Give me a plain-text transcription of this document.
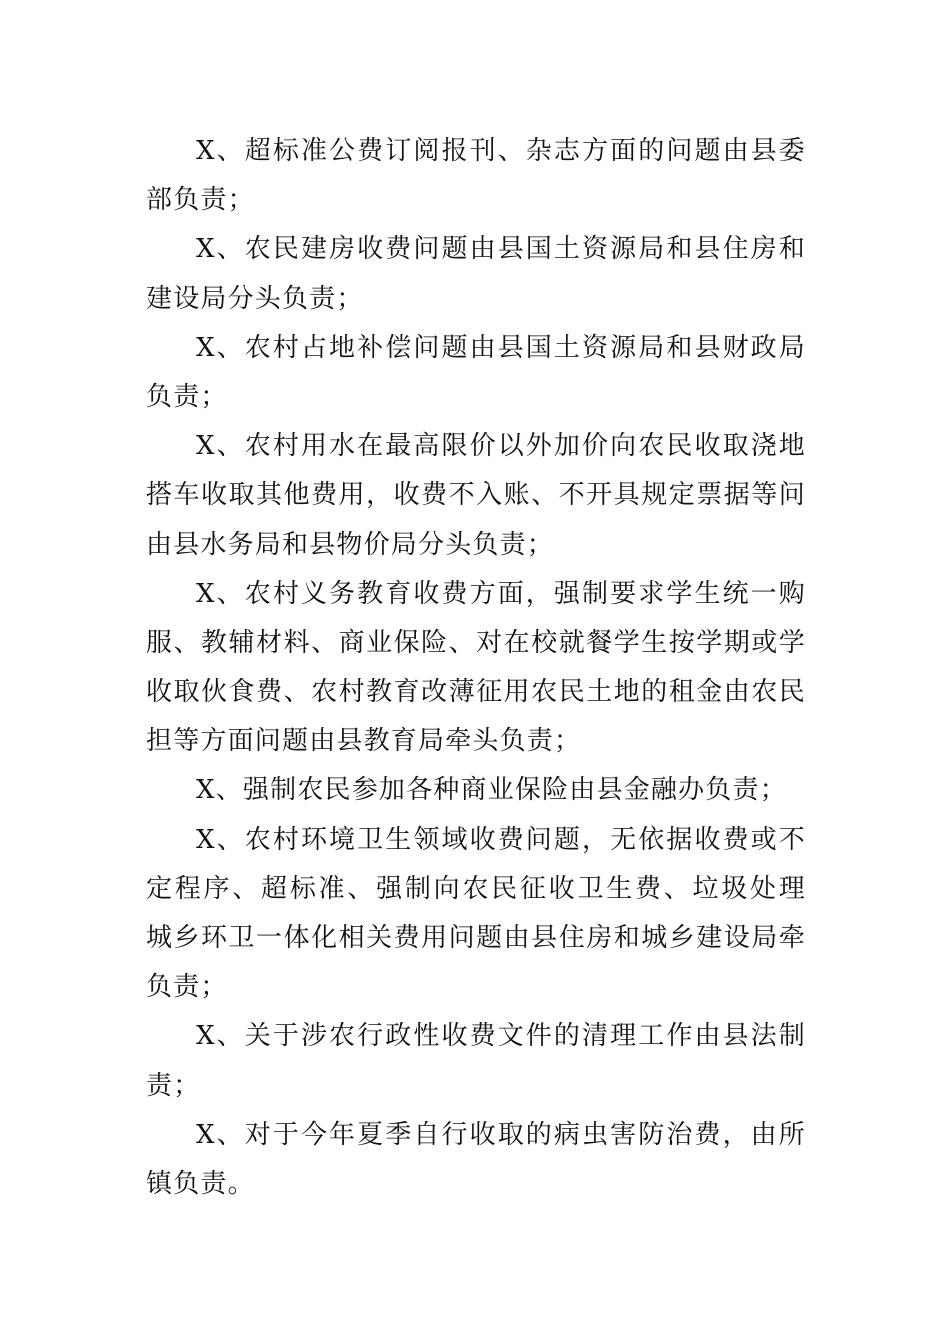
X、超标准公费订阅报刊、杂志方面的问题由县委
部负责；
X、农民建房收费问题由县国土资源局和县住房和
建设局分头负责；
X、农村占地补偿问题由县国土资源局和县财政局
负责；
X、农村用水在最高限价以外加价向农民收取浇地
搭车收取其他费用，收费不入账、不开具规定票据等问
由县水务局和县物价局分头负责；
X、农村义务教育收费方面，强制要求学生统一购
服、教辅材料、商业保险、对在校就餐学生按学期或学
收取伙食费、农村教育改薄征用农民土地的租金由农民
担等方面问题由县教育局牵头负责；
X、强制农民参加各种商业保险由县金融办负责；
X、农村环境卫生领域收费问题，无依据收费或不
定程序、超标准、强制向农民征收卫生费、垃圾处理
城乡环卫一体化相关费用问题由县住房和城乡建设局牵
负责；
X、关于涉农行政性收费文件的清理工作由县法制
责；
X、对于今年夏季自行收取的病虫害防治费，由所
镇负责。
